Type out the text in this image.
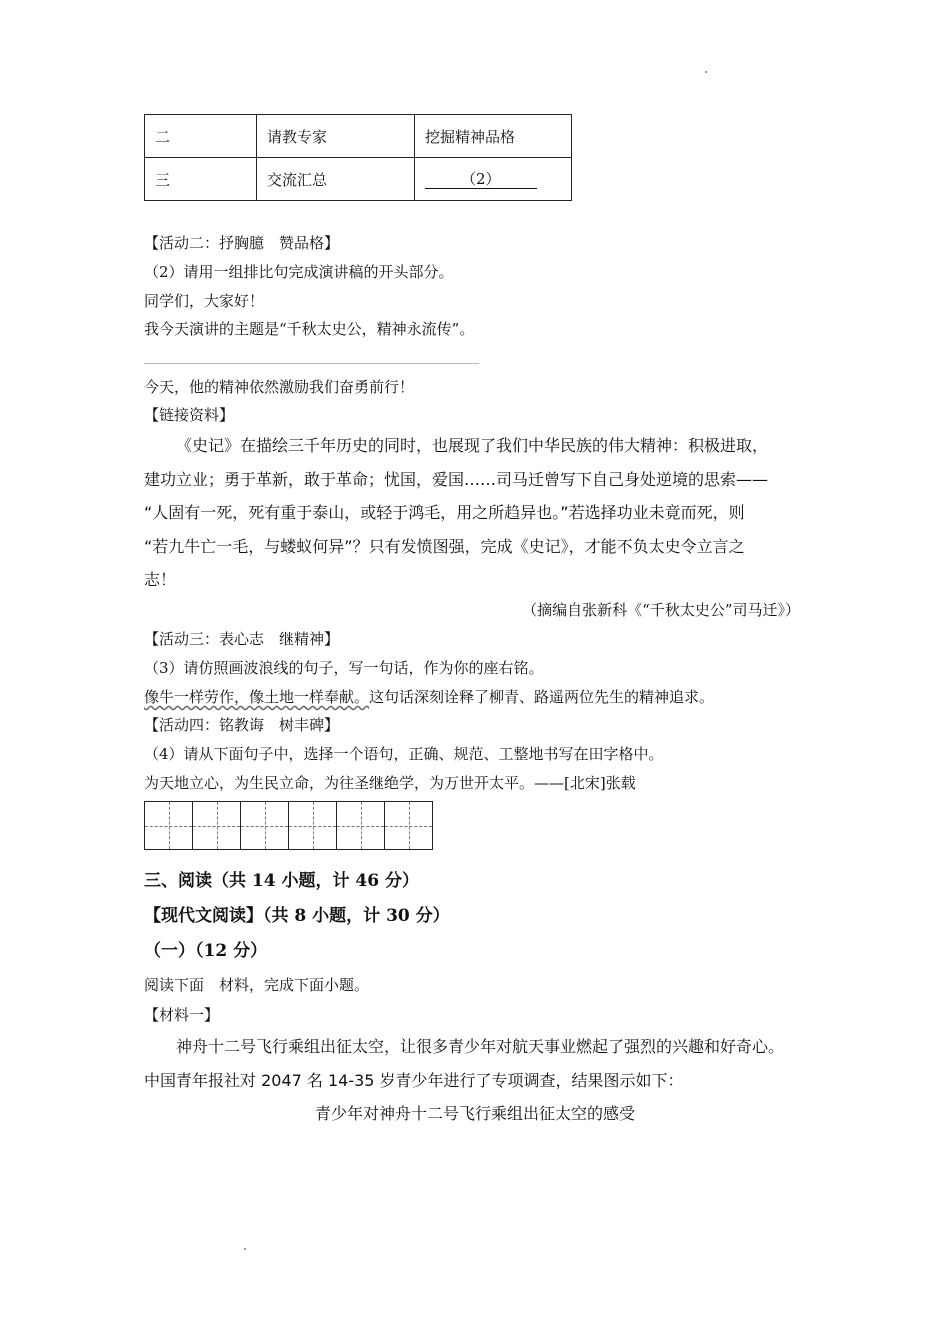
二	请教专家	挖掘精神品格
三	交流汇总	（2）
【活动二：抒胸臆　赞品格】
（2）请用一组排比句完成演讲稿的开头部分。
同学们，大家好！
我今天演讲的主题是“千秋太史公，精神永流传”。
今天，他的精神依然激励我们奋勇前行！
【链接资料】
《史记》在描绘三千年历史的同时，也展现了我们中华民族的伟大精神：积极进取，
建功立业；勇于革新，敢于革命；忧国，爱国……司马迁曾写下自己身处逆境的思索——
“人固有一死，死有重于泰山，或轻于鸿毛，用之所趋异也。”若选择功业未竟而死，则
“若九牛亡一毛，与蝼蚁何异”？只有发愤图强，完成《史记》，才能不负太史令立言之
志！
（摘编自张新科《“千秋太史公”司马迁》）
【活动三：表心志　继精神】
（3）请仿照画波浪线的句子，写一句话，作为你的座右铭。
像牛一样劳作，像土地一样奉献。这句话深刻诠释了柳青、路遥两位先生的精神追求。
【活动四：铭教诲　树丰碑】
（4）请从下面句子中，选择一个语句，正确、规范、工整地书写在田字格中。
为天地立心，为生民立命，为往圣继绝学，为万世开太平。——[北宋]张载
三、阅读（共 14 小题，计 46 分）
【现代文阅读】（共 8 小题，计 30 分）
（一）（12 分）
阅读下面　材料，完成下面小题。
【材料一】
神舟十二号飞行乘组出征太空，让很多青少年对航天事业燃起了强烈的兴趣和好奇心。
中国青年报社对 2047 名 14-35 岁青少年进行了专项调查，结果图示如下：
青少年对神舟十二号飞行乘组出征太空的感受
